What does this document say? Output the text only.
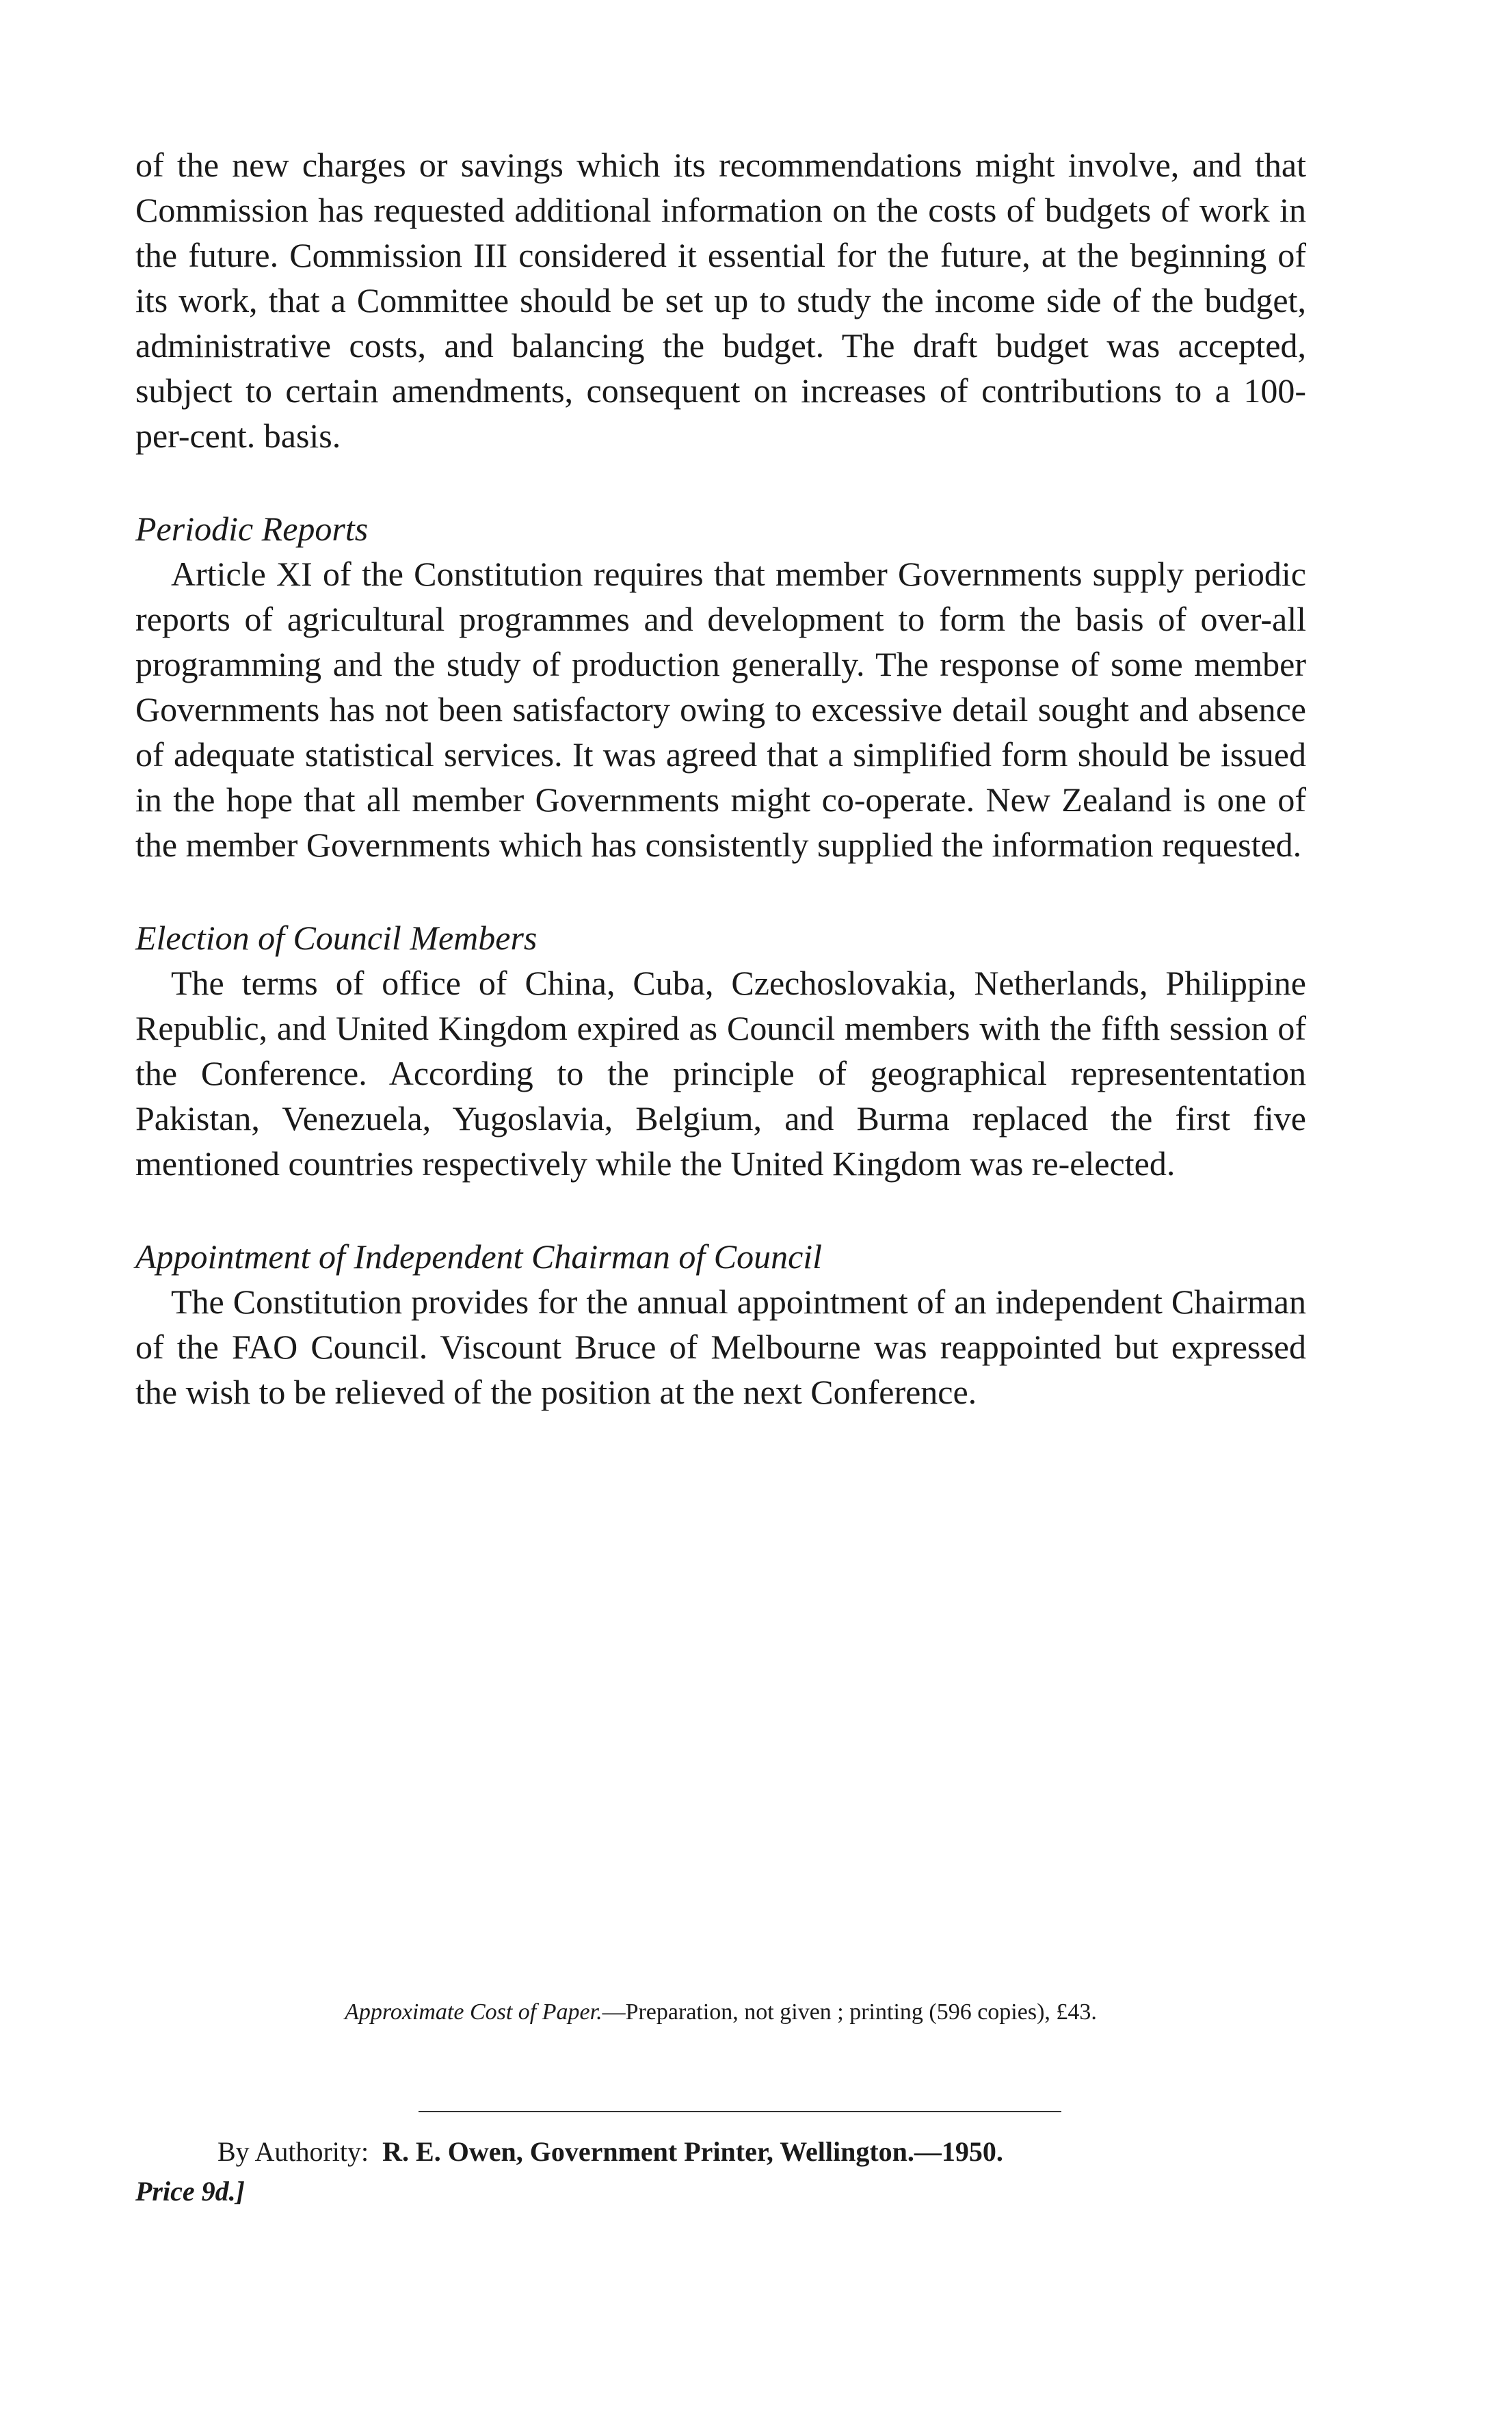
of the new charges or savings which its recommendations might involve, and that Commission has requested additional information on the costs of budgets of work in the future. Commission III considered it essential for the future, at the beginning of its work, that a Committee should be set up to study the income side of the budget, administrative costs, and balancing the budget. The draft budget was accepted, subject to certain amendments, consequent on increases of contributions to a 100-per-cent. basis.

Periodic Reports

Article XI of the Constitution requires that member Governments supply periodic reports of agricultural programmes and development to form the basis of over-all programming and the study of production generally. The response of some member Governments has not been satisfactory owing to excessive detail sought and absence of adequate statistical services. It was agreed that a simplified form should be issued in the hope that all member Governments might co-operate. New Zealand is one of the member Governments which has consistently supplied the information requested.

Election of Council Members

The terms of office of China, Cuba, Czechoslovakia, Netherlands, Philippine Republic, and United Kingdom expired as Council members with the fifth session of the Conference. According to the principle of geographical represententation Pakistan, Venezuela, Yugoslavia, Belgium, and Burma replaced the first five mentioned countries respectively while the United Kingdom was re-elected.

Appointment of Independent Chairman of Council

The Constitution provides for the annual appointment of an independent Chairman of the FAO Council. Viscount Bruce of Melbourne was reappointed but expressed the wish to be relieved of the position at the next Conference.

Approximate Cost of Paper.—Preparation, not given ; printing (596 copies), £43.
By Authority: R. E. Owen, Government Printer, Wellington.—1950.
Price 9d.]
